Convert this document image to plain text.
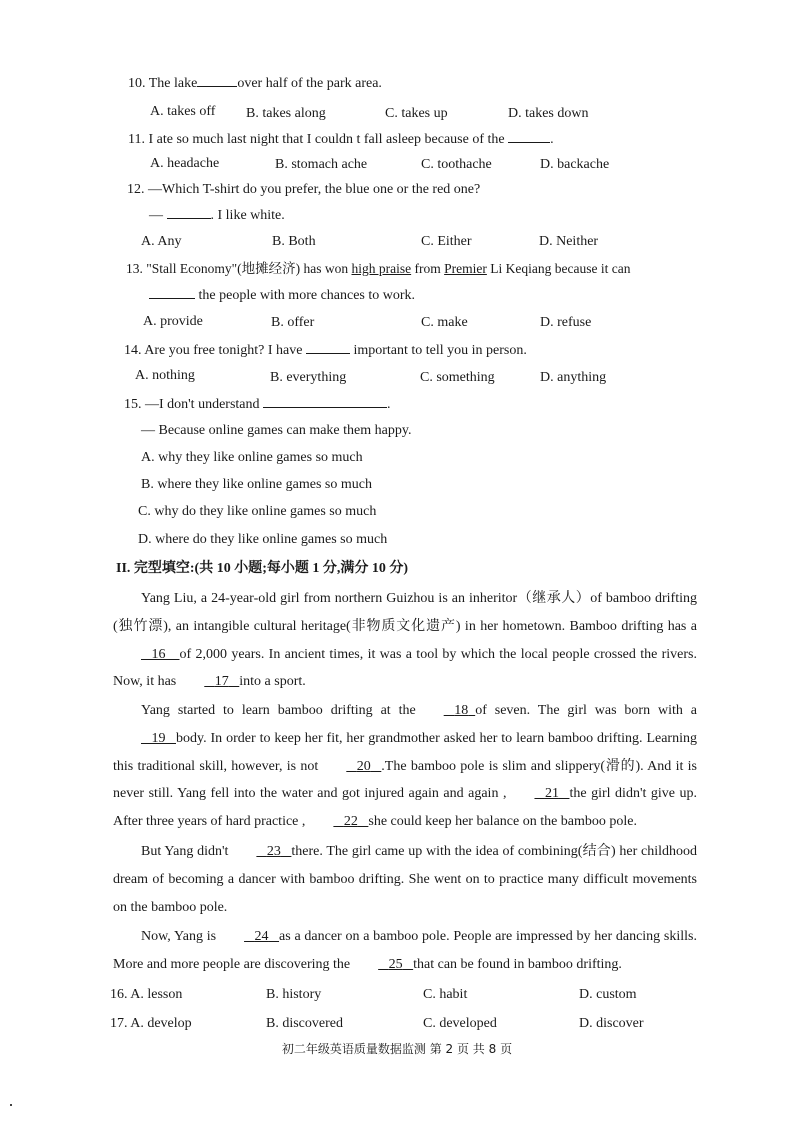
10. The lake	over half of the park area.
A. takes off B. takes along	C. takes up	D. takes down
11. I ate so much last night that I couldn t fall asleep because of the	.
A. headache	B. stomach ache	C. toothache	D. backache
12. —Which T-shirt do you prefer, the blue one or the red one?
—	. I like white.
A. Any	B. Both	C. Either	D. Neither
13. "Stall Economy"(地摊经济) has won high praise from Premier Li Keqiang because it can
the people with more chances to work.
A. provide	B. offer	C. make	D. refuse
14. Are you free tonight? I have	important to tell you in person.
A. nothing	B. everything	C. something	D. anything
15. —I don't understand	.
— Because online games can make them happy.
A. why they like online games so much
B. where they like online games so much
C. why do they like online games so much
D. where do they like online games so much
II. 完型填空:(共 10 小题;每小题 1 分,满分 10 分)
Yang Liu, a 24-year-old girl from northern Guizhou is an inheritor（继承人）of bamboo drifting (独竹漂), an intangible cultural heritage(非物质文化遗产) in her hometown. Bamboo drifting has a   16 of 2,000 years. In ancient times, it was a tool by which the local people crossed the rivers. Now, it has	17 into a sport.
Yang started to learn bamboo drifting at the	18 of seven. The girl was born with a   19 body. In order to keep her fit, her grandmother asked her to learn bamboo drifting. Learning this traditional skill, however, is not	20 .The bamboo pole is slim and slippery(滑的). And it is never still. Yang fell into the water and got injured again and again ,	21 the girl didn't give up. After three years of hard practice ,	22 she could keep her balance on the bamboo pole.
But Yang didn't	23 there. The girl came up with the idea of combining(结合) her childhood dream of becoming a dancer with bamboo drifting. She went on to practice many difficult movements on the bamboo pole.
Now, Yang is	24 as a dancer on a bamboo pole. People are impressed by her dancing skills. More and more people are discovering the	25 that can be found in bamboo drifting.
16. A. lesson	B. history	C. habit	D. custom
17. A. develop	B. discovered	C. developed	D. discover
初二年级英语质量数据监测 第 2 页 共 8 页
